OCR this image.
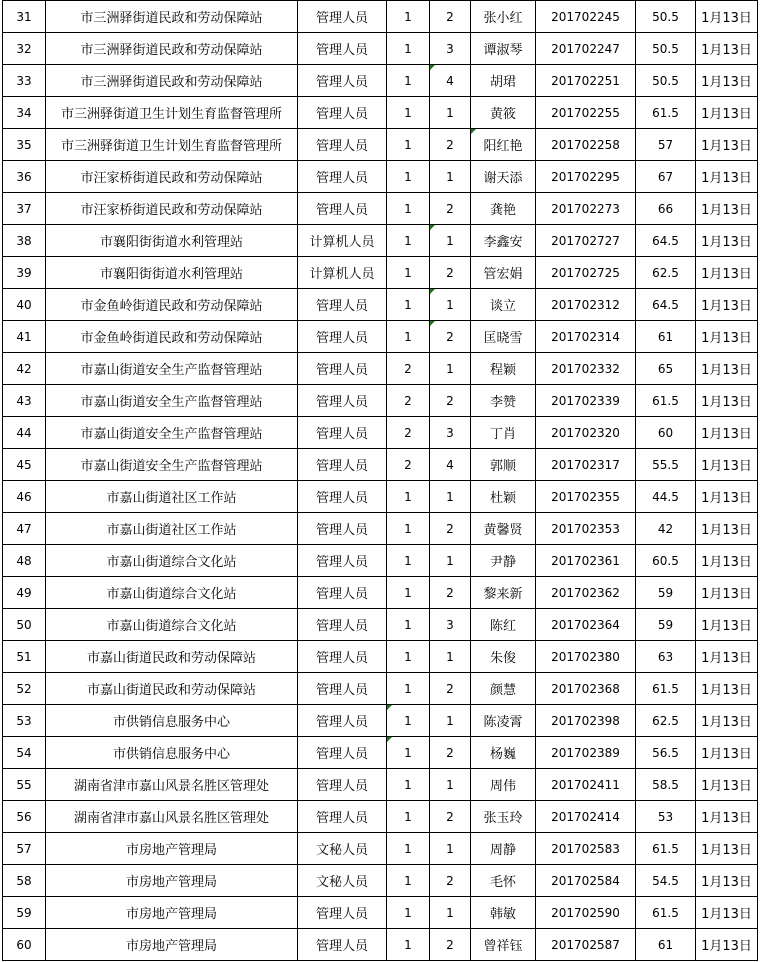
31	市三洲驿街道民政和劳动保障站	管理人员	1	2	张小红	201702245	50.5	1月13日
32	市三洲驿街道民政和劳动保障站	管理人员	1	3	谭淑琴	201702247	50.5	1月13日
33	市三洲驿街道民政和劳动保障站	管理人员	1	4	胡珺	201702251	50.5	1月13日
34	市三洲驿街道卫生计划生育监督管理所	管理人员	1	1	黄筱	201702255	61.5	1月13日
35	市三洲驿街道卫生计划生育监督管理所	管理人员	1	2	阳红艳	201702258	57	1月13日
36	市汪家桥街道民政和劳动保障站	管理人员	1	1	谢天添	201702295	67	1月13日
37	市汪家桥街道民政和劳动保障站	管理人员	1	2	龚艳	201702273	66	1月13日
38	市襄阳街街道水利管理站	计算机人员	1	1	李鑫安	201702727	64.5	1月13日
39	市襄阳街街道水利管理站	计算机人员	1	2	管宏娟	201702725	62.5	1月13日
40	市金鱼岭街道民政和劳动保障站	管理人员	1	1	谈立	201702312	64.5	1月13日
41	市金鱼岭街道民政和劳动保障站	管理人员	1	2	匡晓雪	201702314	61	1月13日
42	市嘉山街道安全生产监督管理站	管理人员	2	1	程颖	201702332	65	1月13日
43	市嘉山街道安全生产监督管理站	管理人员	2	2	李赞	201702339	61.5	1月13日
44	市嘉山街道安全生产监督管理站	管理人员	2	3	丁肖	201702320	60	1月13日
45	市嘉山街道安全生产监督管理站	管理人员	2	4	郭顺	201702317	55.5	1月13日
46	市嘉山街道社区工作站	管理人员	1	1	杜颖	201702355	44.5	1月13日
47	市嘉山街道社区工作站	管理人员	1	2	黄馨贤	201702353	42	1月13日
48	市嘉山街道综合文化站	管理人员	1	1	尹静	201702361	60.5	1月13日
49	市嘉山街道综合文化站	管理人员	1	2	黎来新	201702362	59	1月13日
50	市嘉山街道综合文化站	管理人员	1	3	陈红	201702364	59	1月13日
51	市嘉山街道民政和劳动保障站	管理人员	1	1	朱俊	201702380	63	1月13日
52	市嘉山街道民政和劳动保障站	管理人员	1	2	颜慧	201702368	61.5	1月13日
53	市供销信息服务中心	管理人员	1	1	陈凌霄	201702398	62.5	1月13日
54	市供销信息服务中心	管理人员	1	2	杨巍	201702389	56.5	1月13日
55	湖南省津市嘉山风景名胜区管理处	管理人员	1	1	周伟	201702411	58.5	1月13日
56	湖南省津市嘉山风景名胜区管理处	管理人员	1	2	张玉玲	201702414	53	1月13日
57	市房地产管理局	文秘人员	1	1	周静	201702583	61.5	1月13日
58	市房地产管理局	文秘人员	1	2	毛怀	201702584	54.5	1月13日
59	市房地产管理局	管理人员	1	1	韩敏	201702590	61.5	1月13日
60	市房地产管理局	管理人员	1	2	曾祥钰	201702587	61	1月13日
